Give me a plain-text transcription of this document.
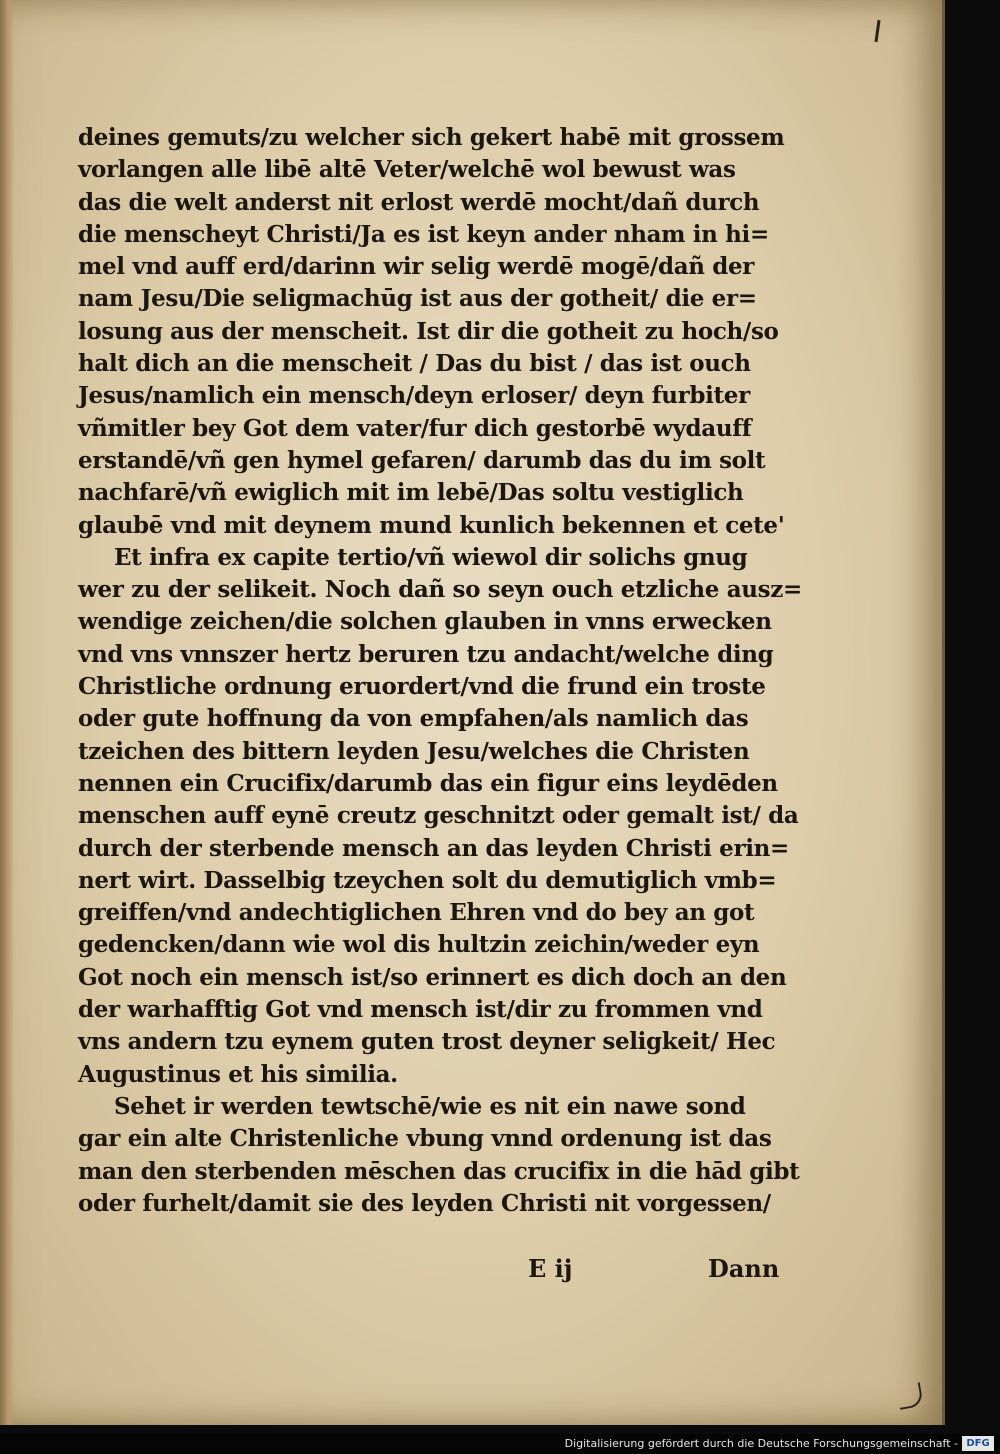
deines gemuts/zu welcher sich gekert habē mit grossem
vorlangen alle libē altē Veter/welchē wol bewust was
das die welt anderst nit erlost werdē mocht/dañ durch
die menscheyt Christi/Ja es ist keyn ander nham in hi=
mel vnd auff erd/darinn wir selig werdē mogē/dañ der
nam Jesu/Die seligmachūg ist aus der gotheit/ die er=
losung aus der menscheit. Ist dir die gotheit zu hoch/so
halt dich an die menscheit / Das du bist / das ist ouch
Jesus/namlich ein mensch/deyn erloser/ deyn furbiter
vñmitler bey Got dem vater/fur dich gestorbē wydauff
erstandē/vñ gen hymel gefaren/ darumb das du im solt
nachfarē/vñ ewiglich mit im lebē/Das soltu vestiglich
glaubē vnd mit deynem mund kunlich bekennen et cete'
Et infra ex capite tertio/vñ wiewol dir solichs gnug
wer zu der selikeit. Noch dañ so seyn ouch etzliche ausz=
wendige zeichen/die solchen glauben in vnns erwecken
vnd vns vnnszer hertz beruren tzu andacht/welche ding
Christliche ordnung eruordert/vnd die frund ein troste
oder gute hoffnung da von empfahen/als namlich das
tzeichen des bittern leyden Jesu/welches die Christen
nennen ein Crucifix/darumb das ein figur eins leydēden
menschen auff eynē creutz geschnitzt oder gemalt ist/ da
durch der sterbende mensch an das leyden Christi erin=
nert wirt. Dasselbig tzeychen solt du demutiglich vmb=
greiffen/vnd andechtiglichen Ehren vnd do bey an got
gedencken/dann wie wol dis hultzin zeichin/weder eyn
Got noch ein mensch ist/so erinnert es dich doch an den
der warhafftig Got vnd mensch ist/dir zu frommen vnd
vns andern tzu eynem guten trost deyner seligkeit/ Hec
Augustinus et his similia.
Sehet ir werden tewtschē/wie es nit ein nawe sond
gar ein alte Christenliche vbung vnnd ordenung ist das
man den sterbenden mēschen das crucifix in die hād gibt
oder furhelt/damit sie des leyden Christi nit vorgessen/
E ij	Dann
Digitalisierung gefördert durch die Deutsche Forschungsgemeinschaft - DFG
